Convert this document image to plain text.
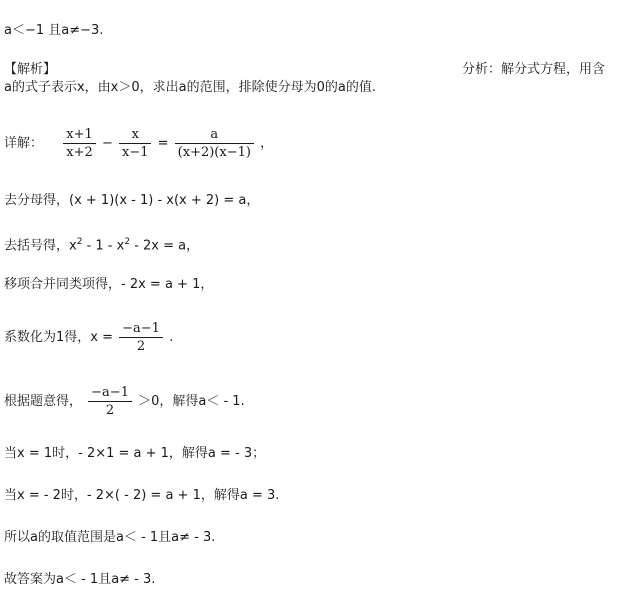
a＜−1 且a≠−3.
【解析】	分析：解分式方程，用含
a的式子表示x，由x＞0，求出a的范围，排除使分母为0的a的值.
详解： $\frac{x+1}{x+2} - \frac{x}{x-1} = \frac{a}{(x+2)(x-1)}$ ，
去分母得，(x + 1)(x - 1) - x(x + 2) = a，
去括号得，$x^2 - 1 - x^2 - 2x = a$，
移项合并同类项得，- 2x = a + 1，
系数化为1得，$x = \frac{-a-1}{2}$ .
根据题意得， $\frac{-a-1}{2} >0$，解得a＜ - 1.
当x = 1时，- 2×1 = a + 1，解得a = - 3；
当x = - 2时，- 2×( - 2) = a + 1，解得a = 3.
所以a的取值范围是a＜ - 1且a≠ - 3.
故答案为a＜ - 1且a≠ - 3.
